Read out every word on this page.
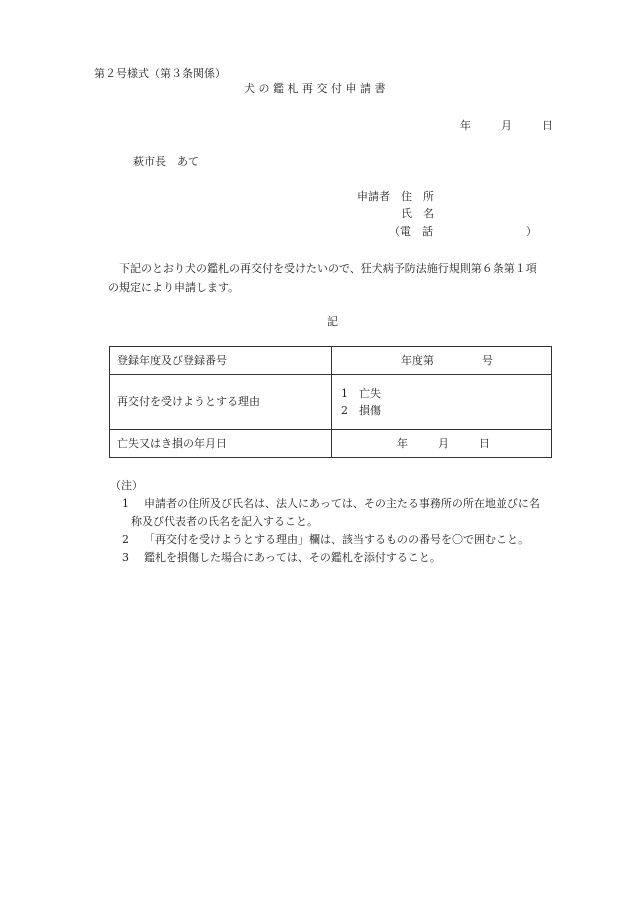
第２号様式（第３条関係）
犬の鑑札再交付申請書
年	月	日
萩市長　あて
申請者 住　所
氏　名
（電　話	）
下記のとおり犬の鑑札の再交付を受けたいので、狂犬病予防法施行規則第６条第１項
の規定により申請します。
記
登録年度及び登録番号	年度第 号
再交付を受けようとする理由	1 亡失
2 損傷

亡失又はき損の年月日	年 月 日
（注）
1 申請者の住所及び氏名は、法人にあっては、その主たる事務所の所在地並びに名
称及び代表者の氏名を記入すること。
2 「再交付を受けようとする理由」欄は、該当するものの番号を〇で囲むこと。
3 鑑札を損傷した場合にあっては、その鑑札を添付すること。
